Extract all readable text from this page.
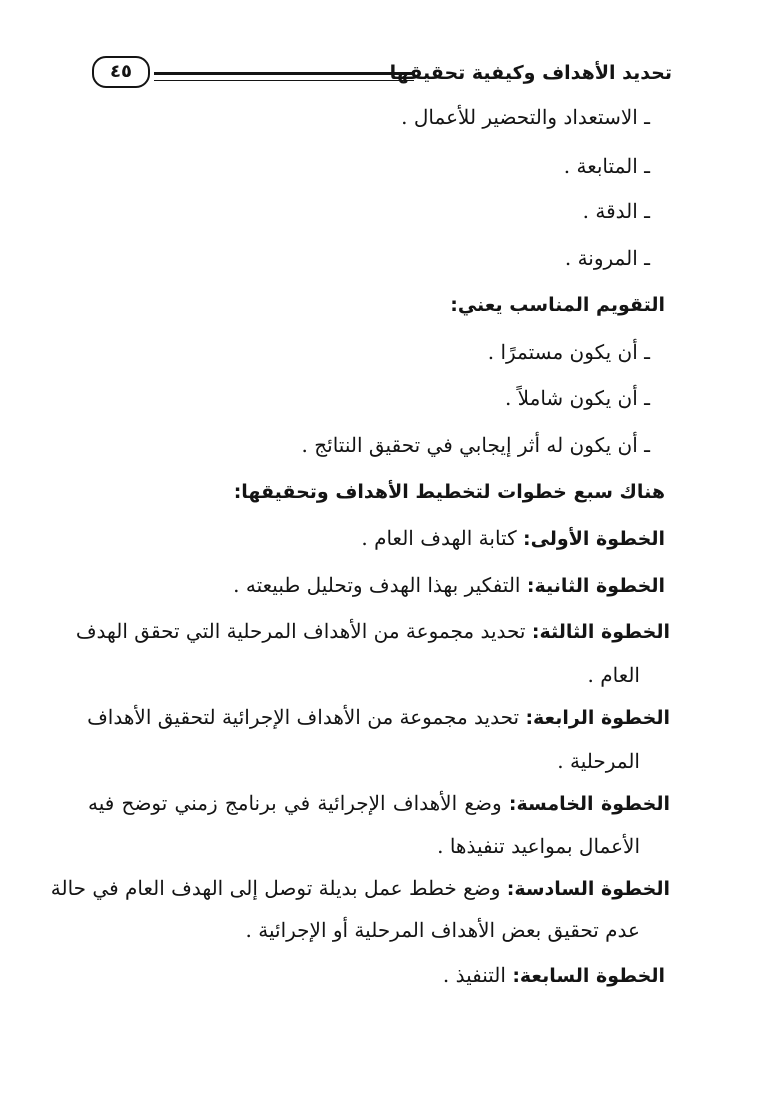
تحديد الأهداف وكيفية تحقيقها
٤٥
ـ الاستعداد والتحضير للأعمال .
ـ المتابعة .
ـ الدقة .
ـ المرونة .
التقويم المناسب يعني:
ـ أن يكون مستمرًا .
ـ أن يكون شاملاً .
ـ أن يكون له أثر إيجابي في تحقيق النتائج .
هناك سبع خطوات لتخطيط الأهداف وتحقيقها:
الخطوة الأولى: كتابة الهدف العام .
الخطوة الثانية: التفكير بهذا الهدف وتحليل طبيعته .
الخطوة الثالثة: تحديد مجموعة من الأهداف المرحلية التي تحقق الهدف
العام .
الخطوة الرابعة: تحديد مجموعة من الأهداف الإجرائية لتحقيق الأهداف
المرحلية .
الخطوة الخامسة: وضع الأهداف الإجرائية في برنامج زمني توضح فيه
الأعمال بمواعيد تنفيذها .
الخطوة السادسة: وضع خطط عمل بديلة توصل إلى الهدف العام في حالة
عدم تحقيق بعض الأهداف المرحلية أو الإجرائية .
الخطوة السابعة: التنفيذ .
